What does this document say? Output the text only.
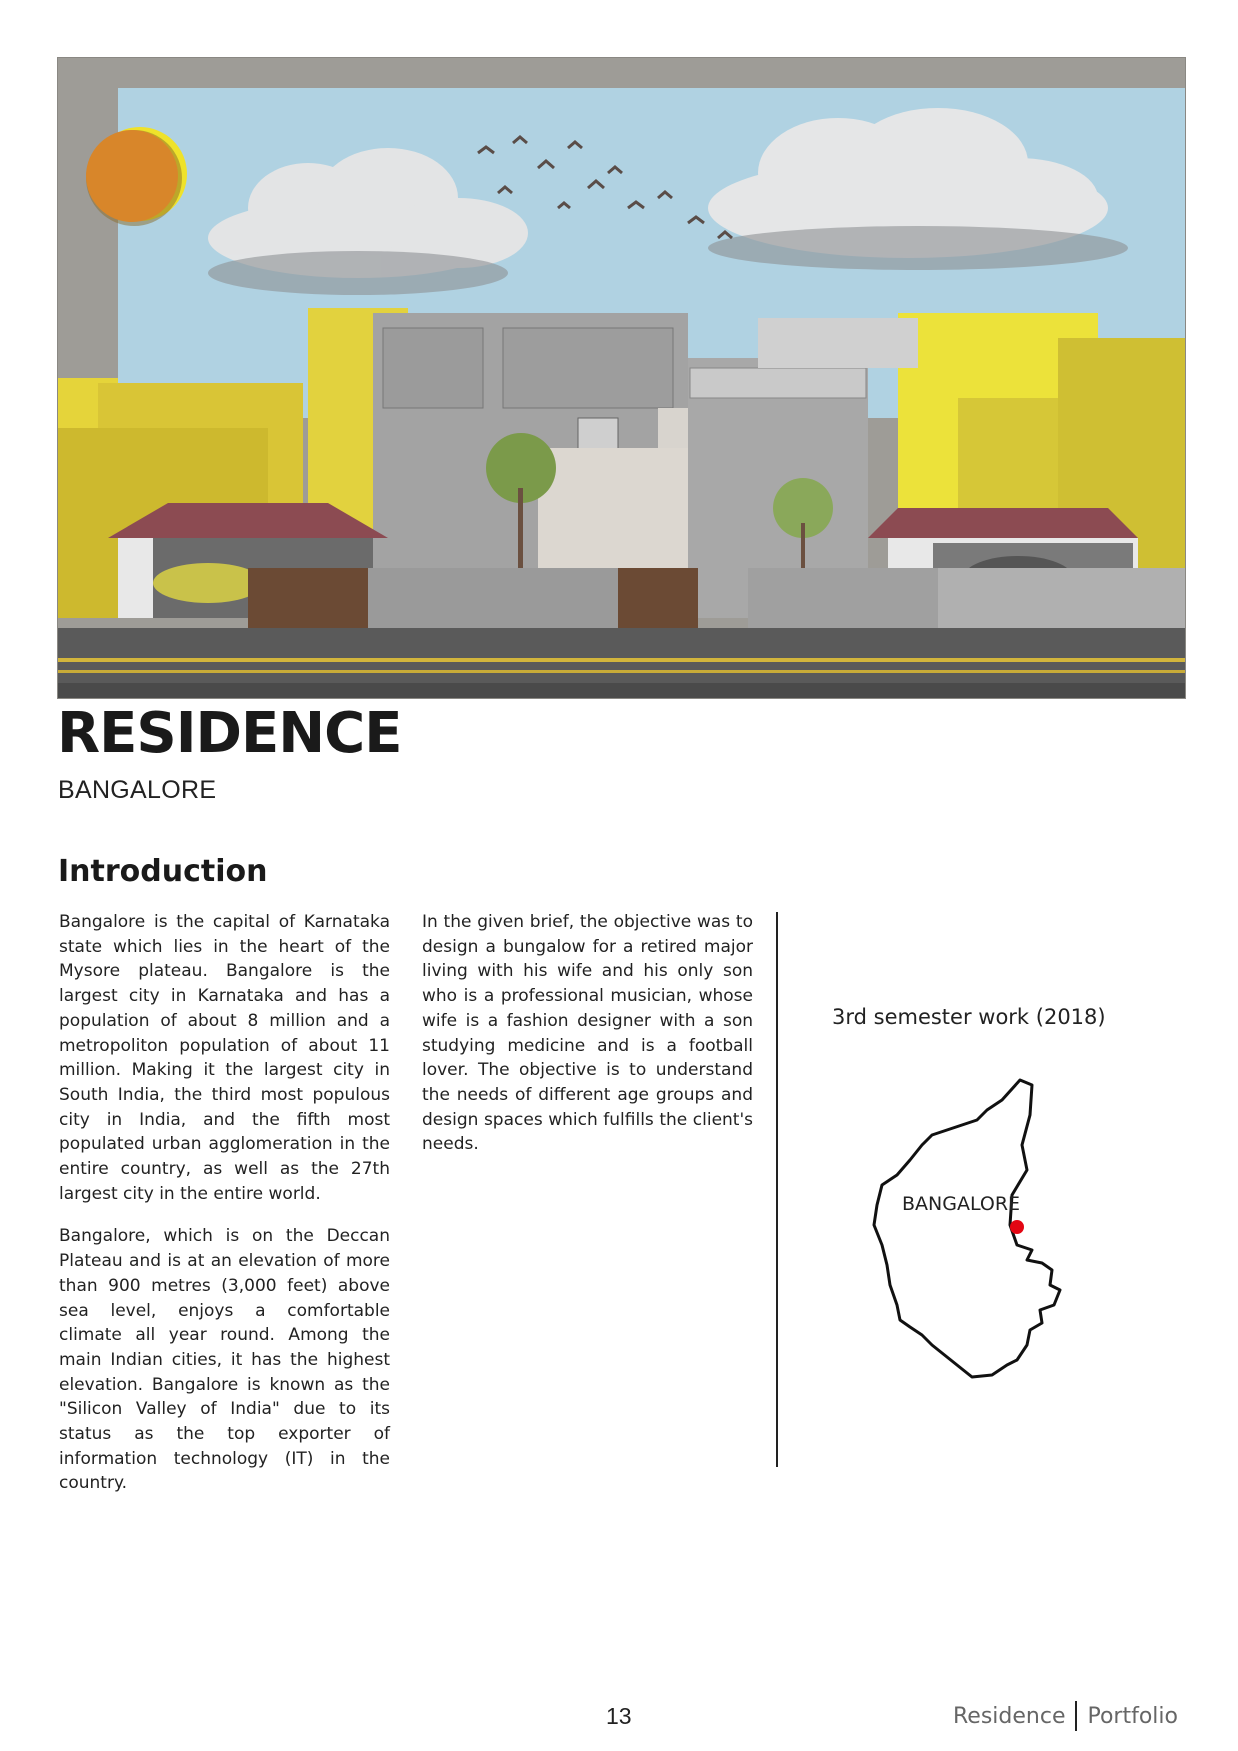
RESIDENCE

BANGALORE

Introduction

Bangalore is the capital of Karnataka state which lies in the heart of the Mysore plateau. Bangalore is the largest city in Karnataka and has a population of about 8 million and a metropoliton population of about 11 million. Making it the largest city in South India, the third most populous city in India, and the fifth most populated urban agglomeration in the entire country, as well as the 27th largest city in the entire world.

Bangalore, which is on the Deccan Plateau and is at an elevation of more than 900 metres (3,000 feet) above sea level, enjoys a comfortable climate all year round. Among the main Indian cities, it has the highest elevation. Bangalore is known as the "Silicon Valley of India" due to its status as the top exporter of information technology (IT) in the country.

In the given brief, the objective was to design a bungalow for a retired major living with his wife and his only son who is a professional musician, whose wife is a fashion designer with a son studying medicine and is a football lover. The objective is to understand the needs of different age groups and design spaces which fulfills the client's needs.

3rd semester work (2018)

BANGALORE

13	Residence Portfolio
